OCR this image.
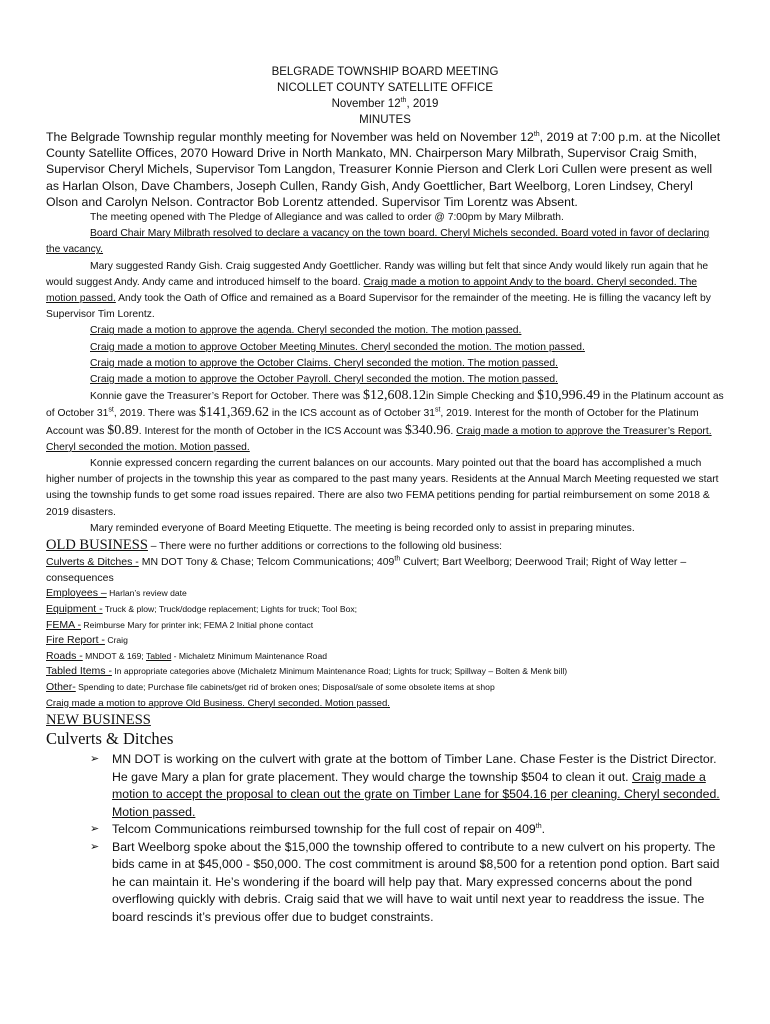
BELGRADE TOWNSHIP BOARD MEETING
NICOLLET COUNTY SATELLITE OFFICE
November 12th, 2019
MINUTES
The Belgrade Township regular monthly meeting for November was held on November 12th, 2019 at 7:00 p.m. at the Nicollet County Satellite Offices, 2070 Howard Drive in North Mankato, MN. Chairperson Mary Milbrath, Supervisor Craig Smith, Supervisor Cheryl Michels, Supervisor Tom Langdon, Treasurer Konnie Pierson and Clerk Lori Cullen were present as well as Harlan Olson, Dave Chambers, Joseph Cullen, Randy Gish, Andy Goettlicher, Bart Weelborg, Loren Lindsey, Cheryl Olson and Carolyn Nelson. Contractor Bob Lorentz attended. Supervisor Tim Lorentz was Absent.
The meeting opened with The Pledge of Allegiance and was called to order @ 7:00pm by Mary Milbrath.
Board Chair Mary Milbrath resolved to declare a vacancy on the town board. Cheryl Michels seconded. Board voted in favor of declaring the vacancy.
Mary suggested Randy Gish. Craig suggested Andy Goettlicher. Randy was willing but felt that since Andy would likely run again that he would suggest Andy. Andy came and introduced himself to the board. Craig made a motion to appoint Andy to the board. Cheryl seconded. The motion passed. Andy took the Oath of Office and remained as a Board Supervisor for the remainder of the meeting. He is filling the vacancy left by Supervisor Tim Lorentz.
Craig made a motion to approve the agenda. Cheryl seconded the motion. The motion passed.
Craig made a motion to approve October Meeting Minutes. Cheryl seconded the motion. The motion passed.
Craig made a motion to approve the October Claims. Cheryl seconded the motion. The motion passed.
Craig made a motion to approve the October Payroll. Cheryl seconded the motion. The motion passed.
Konnie gave the Treasurer’s Report for October. There was $12,608.12in Simple Checking and $10,996.49 in the Platinum account as of October 31st, 2019. There was $141,369.62 in the ICS account as of October 31st, 2019. Interest for the month of October for the Platinum Account was $0.89. Interest for the month of October in the ICS Account was $340.96. Craig made a motion to approve the Treasurer’s Report. Cheryl seconded the motion. Motion passed.
Konnie expressed concern regarding the current balances on our accounts. Mary pointed out that the board has accomplished a much higher number of projects in the township this year as compared to the past many years. Residents at the Annual March Meeting requested we start using the township funds to get some road issues repaired. There are also two FEMA petitions pending for partial reimbursement on some 2018 & 2019 disasters.
Mary reminded everyone of Board Meeting Etiquette. The meeting is being recorded only to assist in preparing minutes.
OLD BUSINESS – There were no further additions or corrections to the following old business:
Culverts & Ditches - MN DOT Tony & Chase; Telcom Communications; 409th Culvert; Bart Weelborg; Deerwood Trail; Right of Way letter – consequences
Employees – Harlan’s review date
Equipment - Truck & plow; Truck/dodge replacement; Lights for truck; Tool Box;
FEMA - Reimburse Mary for printer ink; FEMA 2 Initial phone contact
Fire Report - Craig
Roads - MNDOT & 169; Tabled - Michaletz Minimum Maintenance Road
Tabled Items - In appropriate categories above (Michaletz Minimum Maintenance Road; Lights for truck; Spillway – Bolten & Menk bill)
Other- Spending to date; Purchase file cabinets/get rid of broken ones; Disposal/sale of some obsolete items at shop
Craig made a motion to approve Old Business. Cheryl seconded. Motion passed.
NEW BUSINESS
Culverts & Ditches
➢ MN DOT is working on the culvert with grate at the bottom of Timber Lane. Chase Fester is the District Director. He gave Mary a plan for grate placement. They would charge the township $504 to clean it out. Craig made a motion to accept the proposal to clean out the grate on Timber Lane for $504.16 per cleaning. Cheryl seconded. Motion passed.
➢ Telcom Communications reimbursed township for the full cost of repair on 409th.
➢ Bart Weelborg spoke about the $15,000 the township offered to contribute to a new culvert on his property. The bids came in at $45,000 - $50,000. The cost commitment is around $8,500 for a retention pond option. Bart said he can maintain it. He’s wondering if the board will help pay that. Mary expressed concerns about the pond overflowing quickly with debris. Craig said that we will have to wait until next year to readdress the issue. The board rescinds it’s previous offer due to budget constraints.
